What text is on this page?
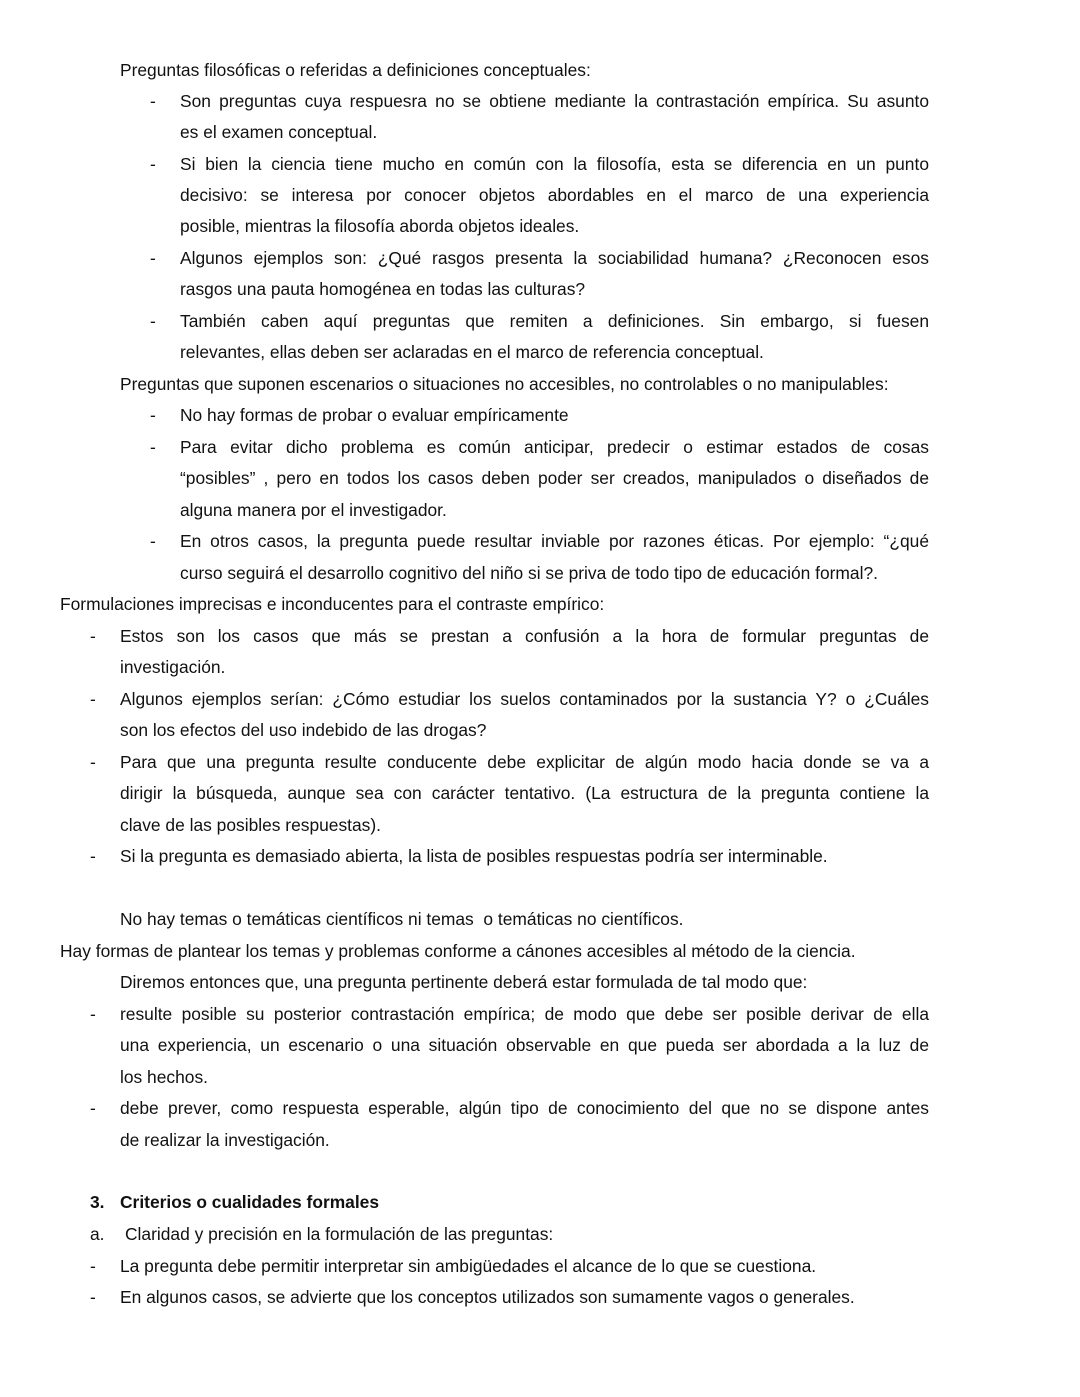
Preguntas filosóficas o referidas a definiciones conceptuales:
- Son preguntas cuya respuesra no se obtiene mediante la contrastación empírica. Su asunto
es el examen conceptual.
- Si bien la ciencia tiene mucho en común con la filosofía, esta se diferencia en un punto
decisivo: se interesa por conocer objetos abordables en el marco de una experiencia
posible, mientras la filosofía aborda objetos ideales.
- Algunos ejemplos son: ¿Qué rasgos presenta la sociabilidad humana? ¿Reconocen esos
rasgos una pauta homogénea en todas las culturas?
- También caben aquí preguntas que remiten a definiciones. Sin embargo, si fuesen
relevantes, ellas deben ser aclaradas en el marco de referencia conceptual.
Preguntas que suponen escenarios o situaciones no accesibles, no controlables o no manipulables:
- No hay formas de probar o evaluar empíricamente
- Para evitar dicho problema es común anticipar, predecir o estimar estados de cosas
“posibles” , pero en todos los casos deben poder ser creados, manipulados o diseñados de
alguna manera por el investigador.
- En otros casos, la pregunta puede resultar inviable por razones éticas. Por ejemplo: “¿qué
curso seguirá el desarrollo cognitivo del niño si se priva de todo tipo de educación formal?.
Formulaciones imprecisas e inconducentes para el contraste empírico:
- Estos son los casos que más se prestan a confusión a la hora de formular preguntas de
investigación.
- Algunos ejemplos serían: ¿Cómo estudiar los suelos contaminados por la sustancia Y? o ¿Cuáles
son los efectos del uso indebido de las drogas?
- Para que una pregunta resulte conducente debe explicitar de algún modo hacia donde se va a
dirigir la búsqueda, aunque sea con carácter tentativo. (La estructura de la pregunta contiene la
clave de las posibles respuestas).
- Si la pregunta es demasiado abierta, la lista de posibles respuestas podría ser interminable.
No hay temas o temáticas científicos ni temas  o temáticas no científicos.
Hay formas de plantear los temas y problemas conforme a cánones accesibles al método de la ciencia.
Diremos entonces que, una pregunta pertinente deberá estar formulada de tal modo que:
- resulte posible su posterior contrastación empírica; de modo que debe ser posible derivar de ella
una experiencia, un escenario o una situación observable en que pueda ser abordada a la luz de
los hechos.
- debe prever, como respuesta esperable, algún tipo de conocimiento del que no se dispone antes
de realizar la investigación.
3. Criterios o cualidades formales
a. Claridad y precisión en la formulación de las preguntas:
- La pregunta debe permitir interpretar sin ambigüedades el alcance de lo que se cuestiona.
- En algunos casos, se advierte que los conceptos utilizados son sumamente vagos o generales.
